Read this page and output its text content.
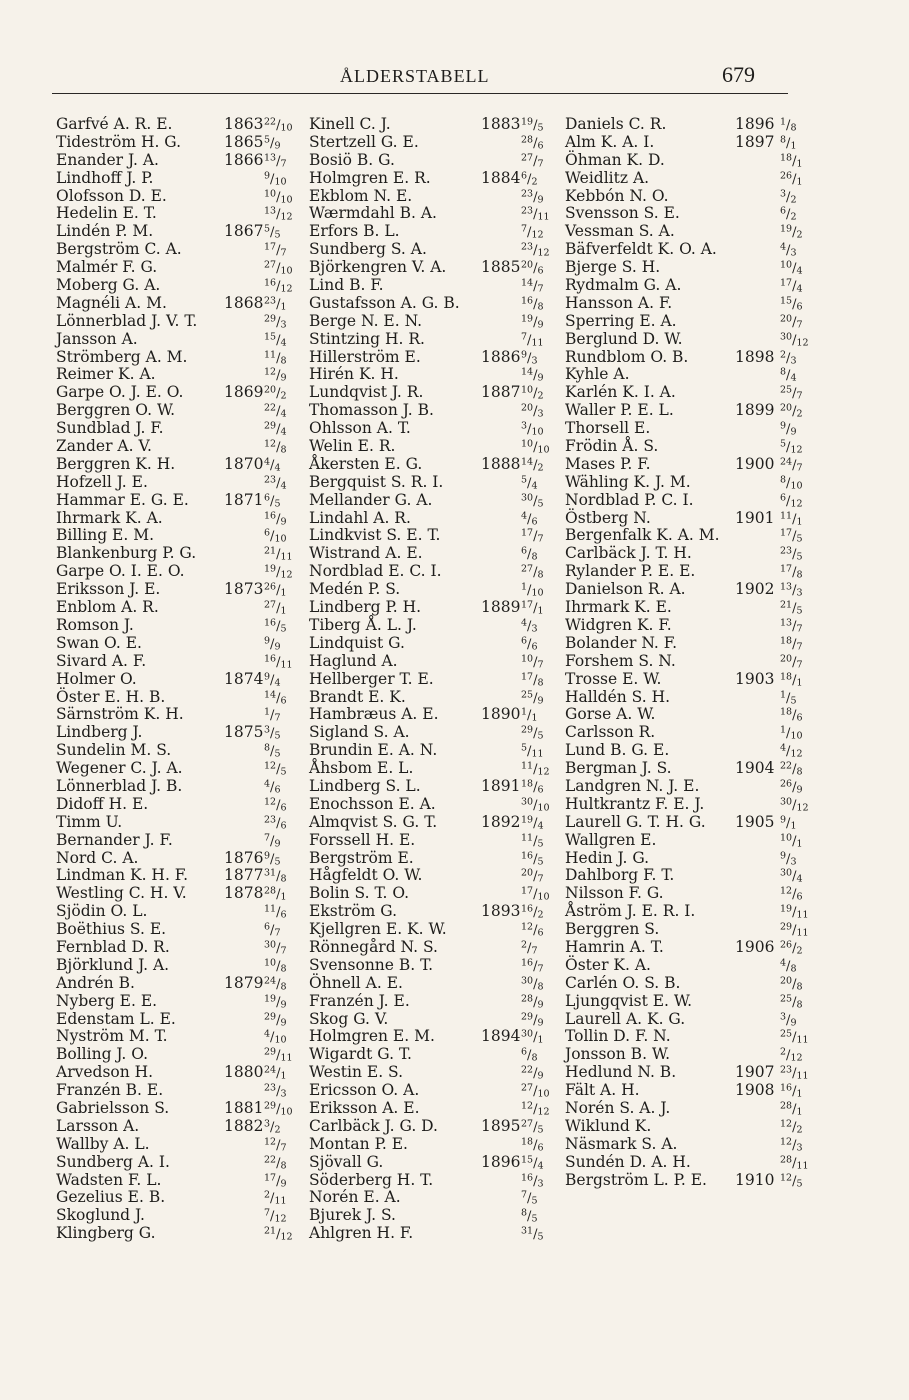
ÅLDERSTABELL	679
Garfvé A. R. E.	1863 $^{22}/_{10}$
Tideström H. G.	1865 $^5/_9$
Enander J. A.	1866 $^{13}/_7$
Lindhoff J. P.	$^9/_{10}$
Olofsson D. E.	$^{10}/_{10}$
Hedelin E. T.	$^{13}/_{12}$
Lindén P. M.	1867 $^5/_5$
Bergström C. A.	$^{17}/_7$
Malmér F. G.	$^{27}/_{10}$
Moberg G. A.	$^{16}/_{12}$
Magnéli A. M.	1868 $^{23}/_1$
Lönnerblad J. V. T.	$^{29}/_3$
Jansson A.	$^{15}/_4$
Strömberg A. M.	$^{11}/_8$
Reimer K. A.	$^{12}/_9$
Garpe O. J. E. O.	1869 $^{20}/_2$
Berggren O. W.	$^{22}/_4$
Sundblad J. F.	$^{29}/_4$
Zander A. V.	$^{12}/_8$
Berggren K. H.	1870 $^4/_4$
Hofzell J. E.	$^{23}/_4$
Hammar E. G. E. 1871 $^6/_5$
Ihrmark K. A.	$^{16}/_9$
Billing E. M.	$^6/_{10}$
Blankenburg P. G.	$^{21}/_{11}$
Garpe O. I. E. O.	$^{19}/_{12}$
Eriksson J. E.	1873 $^{26}/_1$
Enblom A. R.	$^{27}/_1$
Romson J.	$^{16}/_5$
Swan O. E.	$^9/_9$
Sivard A. F.	$^{16}/_{11}$
Holmer O.	1874 $^9/_4$
Öster E. H. B.	$^{14}/_6$
Särnström K. H.	$^1/_7$
Lindberg J.	1875 $^3/_5$
Sundelin M. S.	$^8/_5$
Wegener C. J. A.	$^{12}/_5$
Lönnerblad J. B.	$^4/_6$
Didoff H. E.	$^{12}/_6$
Timm U.	$^{23}/_6$
Bernander J. F.	$^7/_9$
Nord C. A.	1876 $^9/_5$
Lindman K. H. F. 1877 $^{31}/_8$
Westling C. H. V. 1878 $^{28}/_1$
Sjödin O. L.	$^{11}/_6$
Boëthius S. E.	$^6/_7$
Fernblad D. R.	$^{30}/_7$
Björklund J. A.	$^{10}/_8$
Andrén B.	1879 $^{24}/_8$
Nyberg E. E.	$^{19}/_9$
Edenstam L. E.	$^{29}/_9$
Nyström M. T.	$^4/_{10}$
Bolling J. O.	$^{29}/_{11}$
Arvedson H.	1880 $^{24}/_1$
Franzén B. E.	$^{23}/_3$
Gabrielsson S.	1881 $^{29}/_{10}$
Larsson A.	1882 $^3/_2$
Wallby A. L.	$^{12}/_7$
Sundberg A. I.	$^{22}/_8$
Wadsten F. L.	$^{17}/_9$
Gezelius E. B.	$^2/_{11}$
Skoglund J.	$^7/_{12}$
Klingberg G.	$^{21}/_{12}$
Kinell C. J.	1883 $^{19}/_5$
Stertzell G. E.	$^{28}/_6$
Bosiö B. G.	$^{27}/_7$
Holmgren E. R.	1884 $^6/_2$
Ekblom N. E.	$^{23}/_9$
Wærmdahl B. A.	$^{23}/_{11}$
Erfors B. L.	$^7/_{12}$
Sundberg S. A.	$^{23}/_{12}$
Björkengren V. A. 1885 $^{20}/_6$
Lind B. F.	$^{14}/_7$
Gustafsson A. G. B.	$^{16}/_8$
Berge N. E. N.	$^{19}/_9$
Stintzing H. R.	$^7/_{11}$
Hillerström E.	1886 $^9/_3$
Hirén K. H.	$^{14}/_9$
Lundqvist J. R.	1887 $^{10}/_2$
Thomasson J. B.	$^{20}/_3$
Ohlsson A. T.	$^3/_{10}$
Welin E. R.	$^{10}/_{10}$
Åkersten E. G.	1888 $^{14}/_2$
Bergquist S. R. I.	$^5/_4$
Mellander G. A.	$^{30}/_5$
Lindahl A. R.	$^4/_6$
Lindkvist S. E. T.	$^{17}/_7$
Wistrand A. E.	$^6/_8$
Nordblad E. C. I.	$^{27}/_8$
Medén P. S.	$^1/_{10}$
Lindberg P. H.	1889 $^{17}/_1$
Tiberg Å. L. J.	$^4/_3$
Lindquist G.	$^6/_6$
Haglund A.	$^{10}/_7$
Hellberger T. E.	$^{17}/_8$
Brandt E. K.	$^{25}/_9$
Hambræus A. E.	1890 $^1/_1$
Sigland S. A.	$^{29}/_5$
Brundin E. A. N.	$^5/_{11}$
Åhsbom E. L.	$^{11}/_{12}$
Lindberg S. L.	1891 $^{18}/_6$
Enochsson E. A.	$^{30}/_{10}$
Almqvist S. G. T.	1892 $^{19}/_4$
Forssell H. E.	$^{11}/_5$
Bergström E.	$^{16}/_5$
Hågfeldt O. W.	$^{20}/_7$
Bolin S. T. O.	$^{17}/_{10}$
Ekström G.	1893 $^{16}/_2$
Kjellgren E. K. W.	$^{12}/_6$
Rönnegård N. S.	$^2/_7$
Svensonne B. T.	$^{16}/_7$
Öhnell A. E.	$^{30}/_8$
Franzén J. E.	$^{28}/_9$
Skog G. V.	$^{29}/_9$
Holmgren E. M.	1894 $^{30}/_1$
Wigardt G. T.	$^6/_8$
Westin E. S.	$^{22}/_9$
Ericsson O. A.	$^{27}/_{10}$
Eriksson A. E.	$^{12}/_{12}$
Carlbäck J. G. D.	1895 $^{27}/_5$
Montan P. E.	$^{18}/_6$
Sjövall G.	1896 $^{15}/_4$
Söderberg H. T.	$^{16}/_3$
Norén E. A.	$^7/_5$
Bjurek J. S.	$^8/_5$
Ahlgren H. F.	$^{31}/_5$
Daniels C. R.	1896 $^1/_8$
Alm K. A. I.	1897 $^8/_1$
Öhman K. D.	$^{18}/_1$
Weidlitz A.	$^{26}/_1$
Kebbón N. O.	$^3/_2$
Svensson S. E.	$^6/_2$
Vessman S. A.	$^{19}/_2$
Bäfverfeldt K. O. A.	$^4/_3$
Bjerge S. H.	$^{10}/_4$
Rydmalm G. A.	$^{17}/_4$
Hansson A. F.	$^{15}/_6$
Sperring E. A.	$^{20}/_7$
Berglund D. W.	$^{30}/_{12}$
Rundblom O. B.	1898 $^2/_3$
Kyhle A.	$^8/_4$
Karlén K. I. A.	$^{25}/_7$
Waller P. E. L.	1899 $^{20}/_2$
Thorsell E.	$^9/_9$
Frödin Å. S.	$^5/_{12}$
Mases P. F.	1900 $^{24}/_7$
Wähling K. J. M.	$^8/_{10}$
Nordblad P. C. I.	$^6/_{12}$
Östberg N.	1901 $^{11}/_1$
Bergenfalk K. A. M.	$^{17}/_5$
Carlbäck J. T. H.	$^{23}/_5$
Rylander P. E. E.	$^{17}/_8$
Danielson R. A.	1902 $^{13}/_3$
Ihrmark K. E.	$^{21}/_5$
Widgren K. F.	$^{13}/_7$
Bolander N. F.	$^{18}/_7$
Forshem S. N.	$^{20}/_7$
Trosse E. W.	1903 $^{18}/_1$
Halldén S. H.	$^1/_5$
Gorse A. W.	$^{18}/_6$
Carlsson R.	$^1/_{10}$
Lund B. G. E.	$^4/_{12}$
Bergman J. S.	1904 $^{22}/_8$
Landgren N. J. E.	$^{26}/_9$
Hultkrantz F. E. J.	$^{30}/_{12}$
Laurell G. T. H. G. 1905 $^9/_1$
Wallgren E.	$^{10}/_1$
Hedin J. G.	$^9/_3$
Dahlborg F. T.	$^{30}/_4$
Nilsson F. G.	$^{12}/_6$
Åström J. E. R. I.	$^{19}/_{11}$
Berggren S.	$^{29}/_{11}$
Hamrin A. T.	1906 $^{26}/_2$
Öster K. A.	$^4/_8$
Carlén O. S. B.	$^{20}/_8$
Ljungqvist E. W.	$^{25}/_8$
Laurell A. K. G.	$^3/_9$
Tollin D. F. N.	$^{25}/_{11}$
Jonsson B. W.	$^2/_{12}$
Hedlund N. B.	1907 $^{23}/_{11}$
Fält A. H.	1908 $^{16}/_1$
Norén S. A. J.	$^{28}/_1$
Wiklund K.	$^{12}/_2$
Näsmark S. A.	$^{12}/_3$
Sundén D. A. H.	$^{28}/_{11}$
Bergström L. P. E. 1910 $^{12}/_5$
